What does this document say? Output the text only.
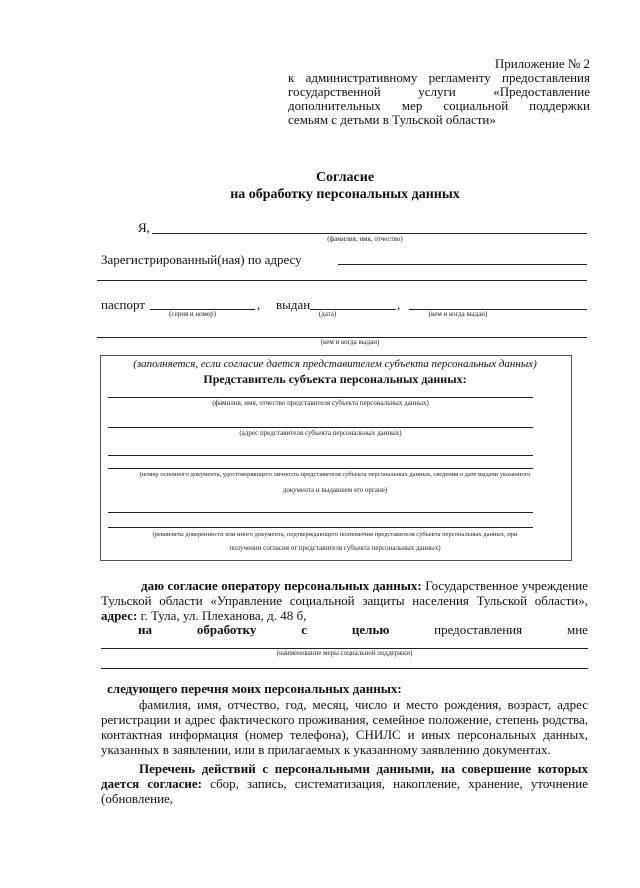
Приложение № 2
к административному регламенту предоставления
государственной	услуги	«Предоставление
дополнительных мер социальной поддержки
семьям с детьми в Тульской области»
Согласие
на обработку персональных данных
Я,
(фамилия, имя, отчество)
Зарегистрированный(ная) по адресу
паспорт	, выдан	,
(серия и номер)	(дата)	(кем и когда выдан)
(кем и когда выдан)
(заполняется, если согласие дается представителем субъекта персональных данных)
Представитель субъекта персональных данных:
(фамилия, имя, отчество представителя субъекта персональных данных)
(адрес представителя субъекта персональных данных)
(номер основного документа, удостоверяющего личность представителя субъекта персональных данных, сведения о дате выдачи указанного
документа и выдавшем его органе)
(реквизиты доверенности или иного документа, подтверждающего полномочия представителя субъекта персональных данных, при
получении согласия от представителя субъекта персональных данных)
даю согласие оператору персональных данных: Государственное учреждение Тульской области «Управление социальной защиты населения Тульской области», адрес: г. Тула, ул. Плеханова, д. 48 б,
на	обработку	с	целью	предоставления	мне
(наименование меры социальной поддержки)
следующего перечня моих персональных данных:
фамилия, имя, отчество, год, месяц, число и место рождения, возраст, адрес регистрации и адрес фактического проживания, семейное положение, степень родства, контактная информация (номер телефона), СНИЛС и иных персональных данных, указанных в заявлении, или в прилагаемых к указанному заявлению документах.
Перечень действий с персональными данными, на совершение которых дается согласие: сбор, запись, систематизация, накопление, хранение, уточнение (обновление,
